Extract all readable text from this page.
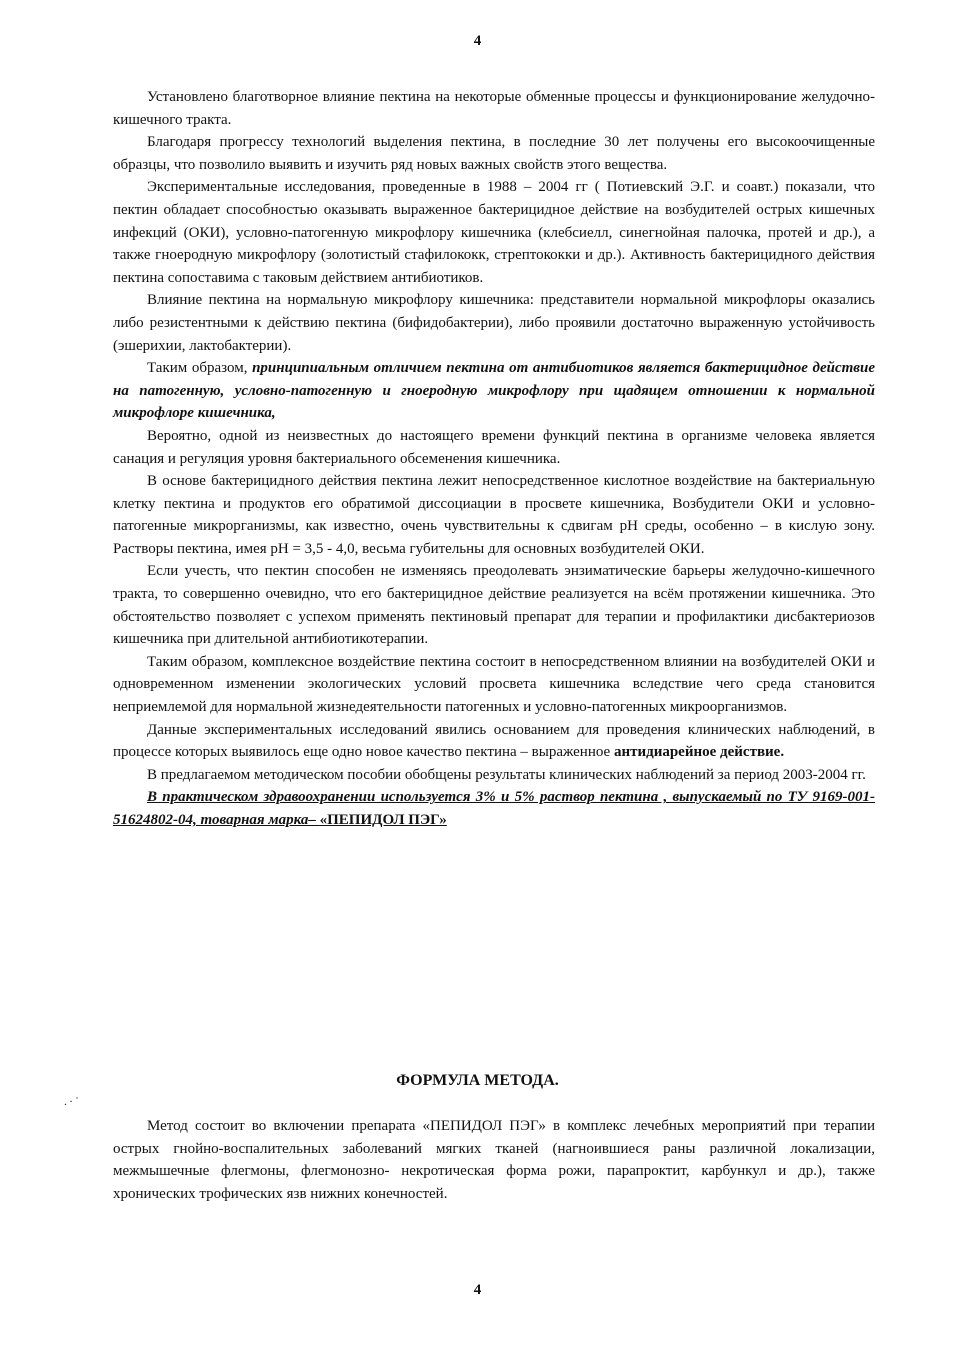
4

Установлено благотворное влияние пектина на некоторые обменные процессы и функционирование желудочно-кишечного тракта.

Благодаря прогрессу технологий выделения пектина, в последние 30 лет получены его высокоочищенные образцы, что позволило выявить и изучить ряд новых важных свойств этого вещества.

Экспериментальные исследования, проведенные в 1988 – 2004 гг ( Потиевский Э.Г. и соавт.) показали, что пектин обладает способностью оказывать выраженное бактерицидное действие на возбудителей острых кишечных инфекций (ОКИ), условно-патогенную микрофлору кишечника (клебсиелл, синегнойная палочка, протей и др.), а также гноеродную микрофлору (золотистый стафилококк, стрептококки и др.). Активность бактерицидного действия пектина сопоставима с таковым действием антибиотиков.

Влияние пектина на нормальную микрофлору кишечника: представители нормальной микрофлоры оказались либо резистентными к действию пектина (бифидобактерии), либо проявили достаточно выраженную устойчивость (эшерихии, лактобактерии).

Таким образом, принципиальным отличием пектина от антибиотиков является бактерицидное действие на патогенную, условно-патогенную и гноеродную микрофлору при щадящем отношении к нормальной микрофлоре кишечника,

Вероятно, одной из неизвестных до настоящего времени функций пектина в организме человека является санация и регуляция уровня бактериального обсеменения кишечника.

В основе бактерицидного действия пектина лежит непосредственное кислотное воздействие на бактериальную клетку пектина и продуктов его обратимой диссоциации в просвете кишечника, Возбудители ОКИ и условно-патогенные микрорганизмы, как известно, очень чувствительны к сдвигам pH среды, особенно – в кислую зону. Растворы пектина, имея pH = 3,5 - 4,0, весьма губительны для основных возбудителей ОКИ.

Если учесть, что пектин способен не изменяясь преодолевать энзиматические барьеры желудочно-кишечного тракта, то совершенно очевидно, что его бактерицидное действие реализуется на всём протяжении кишечника. Это обстоятельство позволяет с успехом применять пектиновый препарат для терапии и профилактики дисбактериозов кишечника при длительной антибиотикотерапии.

Таким образом, комплексное воздействие пектина состоит в непосредственном влиянии на возбудителей ОКИ и одновременном изменении экологических условий просвета кишечника вследствие чего среда становится неприемлемой для нормальной жизнедеятельности патогенных и условно-патогенных микроорганизмов.

Данные экспериментальных исследований явились основанием для проведения клинических наблюдений, в процессе которых выявилось еще одно новое качество пектина – выраженное антидиарейное действие.

В предлагаемом методическом пособии обобщены результаты клинических наблюдений за период 2003-2004 гг.

В практическом здравоохранении используется 3% и 5% раствор пектина , выпускаемый по ТУ 9169-001-51624802-04, товарная марка– «ПЕПИДОЛ ПЭГ»

ФОРМУЛА МЕТОДА.
.·˙

Метод состоит во включении препарата «ПЕПИДОЛ ПЭГ» в комплекс лечебных мероприятий при терапии острых гнойно-воспалительных заболеваний мягких тканей (нагноившиеся раны различной локализации, межмышечные флегмоны, флегмонозно- некротическая форма рожи, парапроктит, карбункул и др.), также хронических трофических язв нижних конечностей.

4
